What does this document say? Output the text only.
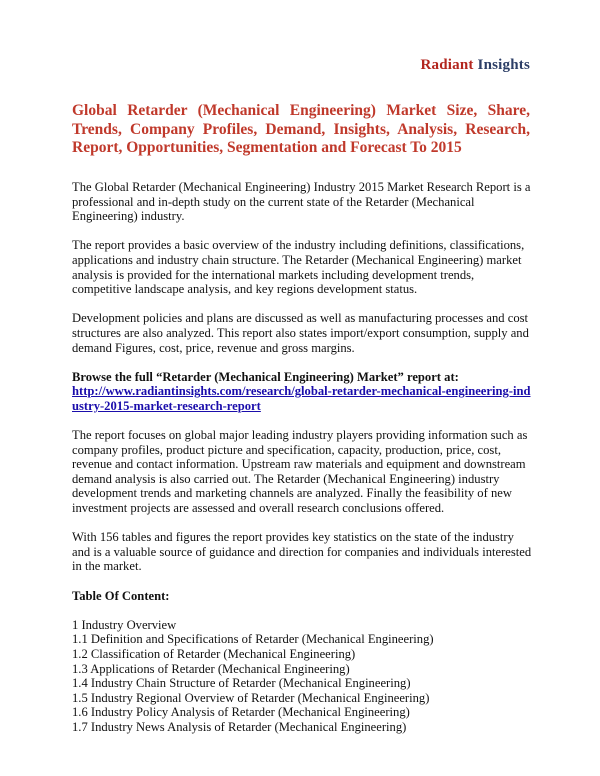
Radiant Insights
Global Retarder (Mechanical Engineering) Market Size, Share, Trends, Company Profiles, Demand, Insights, Analysis, Research, Report, Opportunities, Segmentation and Forecast To 2015

The Global Retarder (Mechanical Engineering) Industry 2015 Market Research Report is a professional and in-depth study on the current state of the Retarder (Mechanical Engineering) industry.

The report provides a basic overview of the industry including definitions, classifications, applications and industry chain structure. The Retarder (Mechanical Engineering) market analysis is provided for the international markets including development trends, competitive landscape analysis, and key regions development status.

Development policies and plans are discussed as well as manufacturing processes and cost structures are also analyzed. This report also states import/export consumption, supply and demand Figures, cost, price, revenue and gross margins.

Browse the full “Retarder (Mechanical Engineering) Market” report at:
http://www.radiantinsights.com/research/global-retarder-mechanical-engineering-industry-2015-market-research-report

The report focuses on global major leading industry players providing information such as company profiles, product picture and specification, capacity, production, price, cost, revenue and contact information. Upstream raw materials and equipment and downstream demand analysis is also carried out. The Retarder (Mechanical Engineering) industry development trends and marketing channels are analyzed. Finally the feasibility of new investment projects are assessed and overall research conclusions offered.

With 156 tables and figures the report provides key statistics on the state of the industry and is a valuable source of guidance and direction for companies and individuals interested in the market.

Table Of Content:
1 Industry Overview
1.1 Definition and Specifications of Retarder (Mechanical Engineering)
1.2 Classification of Retarder (Mechanical Engineering)
1.3 Applications of Retarder (Mechanical Engineering)
1.4 Industry Chain Structure of Retarder (Mechanical Engineering)
1.5 Industry Regional Overview of Retarder (Mechanical Engineering)
1.6 Industry Policy Analysis of Retarder (Mechanical Engineering)
1.7 Industry News Analysis of Retarder (Mechanical Engineering)
